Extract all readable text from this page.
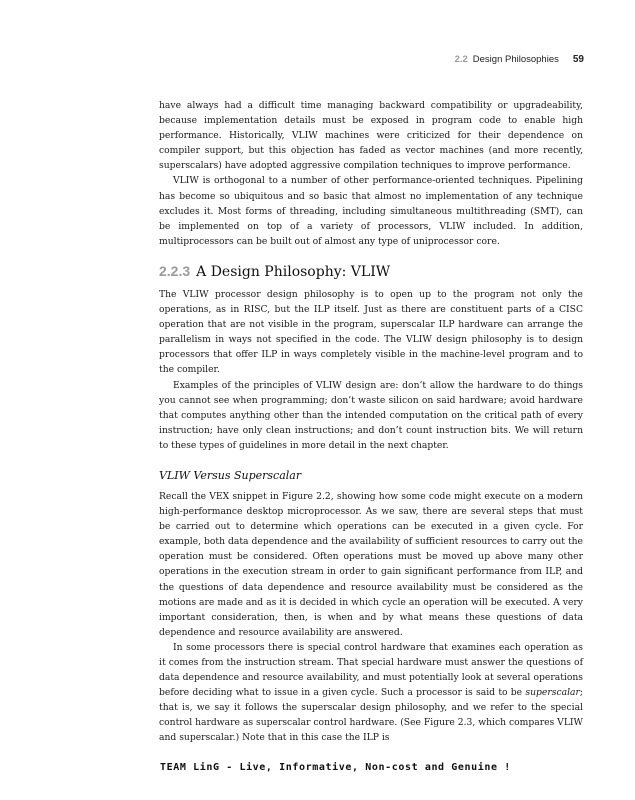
2.2 Design Philosophies 59

have always had a difficult time managing backward compatibility or upgradeability, because implementation details must be exposed in program code to enable high performance. Historically, VLIW machines were criticized for their dependence on compiler support, but this objection has faded as vector machines (and more recently, superscalars) have adopted aggressive compilation techniques to improve performance.

VLIW is orthogonal to a number of other performance-oriented techniques. Pipelining has become so ubiquitous and so basic that almost no implementation of any technique excludes it. Most forms of threading, including simultaneous multithreading (SMT), can be implemented on top of a variety of processors, VLIW included. In addition, multiprocessors can be built out of almost any type of uniprocessor core.

2.2.3 A Design Philosophy: VLIW

The VLIW processor design philosophy is to open up to the program not only the operations, as in RISC, but the ILP itself. Just as there are constituent parts of a CISC operation that are not visible in the program, superscalar ILP hardware can arrange the parallelism in ways not specified in the code. The VLIW design philosophy is to design processors that offer ILP in ways completely visible in the machine-level program and to the compiler.

Examples of the principles of VLIW design are: don’t allow the hardware to do things you cannot see when programming; don’t waste silicon on said hardware; avoid hardware that computes anything other than the intended computation on the critical path of every instruction; have only clean instructions; and don’t count instruction bits. We will return to these types of guidelines in more detail in the next chapter.

VLIW Versus Superscalar

Recall the VEX snippet in Figure 2.2, showing how some code might execute on a modern high-performance desktop microprocessor. As we saw, there are several steps that must be carried out to determine which operations can be executed in a given cycle. For example, both data dependence and the availability of sufficient resources to carry out the operation must be considered. Often operations must be moved up above many other operations in the execution stream in order to gain significant performance from ILP, and the questions of data dependence and resource availability must be considered as the motions are made and as it is decided in which cycle an operation will be executed. A very important consideration, then, is when and by what means these questions of data dependence and resource availability are answered.

In some processors there is special control hardware that examines each operation as it comes from the instruction stream. That special hardware must answer the questions of data dependence and resource availability, and must potentially look at several operations before deciding what to issue in a given cycle. Such a processor is said to be superscalar; that is, we say it follows the superscalar design philosophy, and we refer to the special control hardware as superscalar control hardware. (See Figure 2.3, which compares VLIW and superscalar.) Note that in this case the ILP is

TEAM LinG - Live, Informative, Non-cost and Genuine !
